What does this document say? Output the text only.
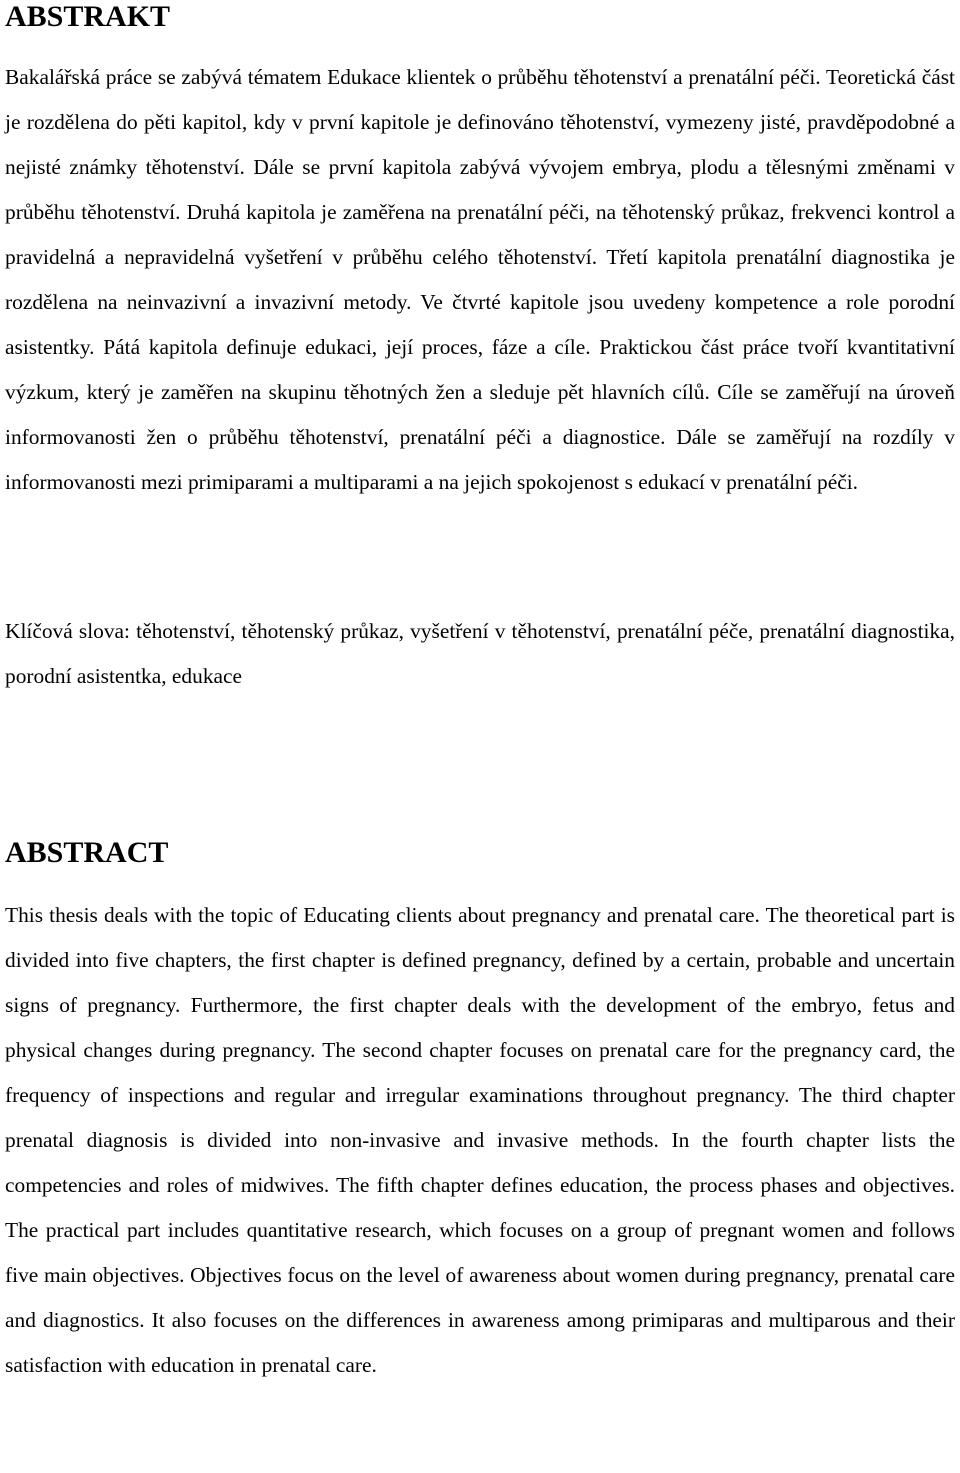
ABSTRAKT

Bakalářská práce se zabývá tématem Edukace klientek o průběhu těhotenství a prenatální péči. Teoretická část je rozdělena do pěti kapitol, kdy v první kapitole je definováno těhotenství, vymezeny jisté, pravděpodobné a nejisté známky těhotenství. Dále se první kapitola zabývá vývojem embrya, plodu a tělesnými změnami v průběhu těhotenství. Druhá kapitola je zaměřena na prenatální péči, na těhotenský průkaz, frekvenci kontrol a pravidelná a nepravidelná vyšetření v průběhu celého těhotenství. Třetí kapitola prenatální diagnostika je rozdělena na neinvazivní a invazivní metody. Ve čtvrté kapitole jsou uvedeny kompetence a role porodní asistentky. Pátá kapitola definuje edukaci, její proces, fáze a cíle. Praktickou část práce tvoří kvantitativní výzkum, který je zaměřen na skupinu těhotných žen a sleduje pět hlavních cílů. Cíle se zaměřují na úroveň informovanosti žen o průběhu těhotenství, prenatální péči a diagnostice. Dále se zaměřují na rozdíly v informovanosti mezi primiparami a multiparami a na jejich spokojenost s edukací v prenatální péči.

Klíčová slova: těhotenství, těhotenský průkaz, vyšetření v těhotenství, prenatální péče, prenatální diagnostika, porodní asistentka, edukace

ABSTRACT

This thesis deals with the topic of Educating clients about pregnancy and prenatal care. The theoretical part is divided into five chapters, the first chapter is defined pregnancy, defined by a certain, probable and uncertain signs of pregnancy. Furthermore, the first chapter deals with the development of the embryo, fetus and physical changes during pregnancy. The second chapter focuses on prenatal care for the pregnancy card, the frequency of inspections and regular and irregular examinations throughout pregnancy. The third chapter prenatal diagnosis is divided into non-invasive and invasive methods. In the fourth chapter lists the competencies and roles of midwives. The fifth chapter defines education, the process phases and objectives. The practical part includes quantitative research, which focuses on a group of pregnant women and follows five main objectives. Objectives focus on the level of awareness about women during pregnancy, prenatal care and diagnostics. It also focuses on the differences in awareness among primiparas and multiparous and their satisfaction with education in prenatal care.
